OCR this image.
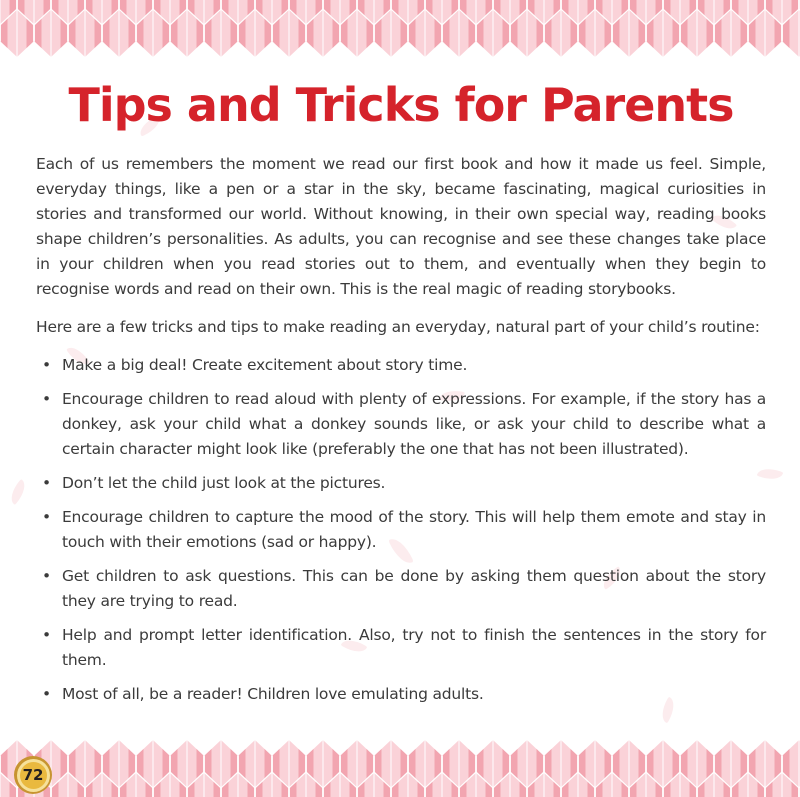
Tips and Tricks for Parents

Each of us remembers the moment we read our first book and how it made us feel. Simple, everyday things, like a pen or a star in the sky, became fascinating, magical curiosities in stories and transformed our world. Without knowing, in their own special way, reading books shape children’s personalities. As adults, you can recognise and see these changes take place in your children when you read stories out to them, and eventually when they begin to recognise words and read on their own. This is the real magic of reading storybooks.

Here are a few tricks and tips to make reading an everyday, natural part of your child’s routine:

• Make a big deal! Create excitement about story time.
• Encourage children to read aloud with plenty of expressions. For example, if the story has a donkey, ask your child what a donkey sounds like, or ask your child to describe what a certain character might look like (preferably the one that has not been illustrated).
• Don’t let the child just look at the pictures.
• Encourage children to capture the mood of the story. This will help them emote and stay in touch with their emotions (sad or happy).
• Get children to ask questions. This can be done by asking them question about the story they are trying to read.
• Help and prompt letter identification. Also, try not to finish the sentences in the story for them.
• Most of all, be a reader! Children love emulating adults.
72
